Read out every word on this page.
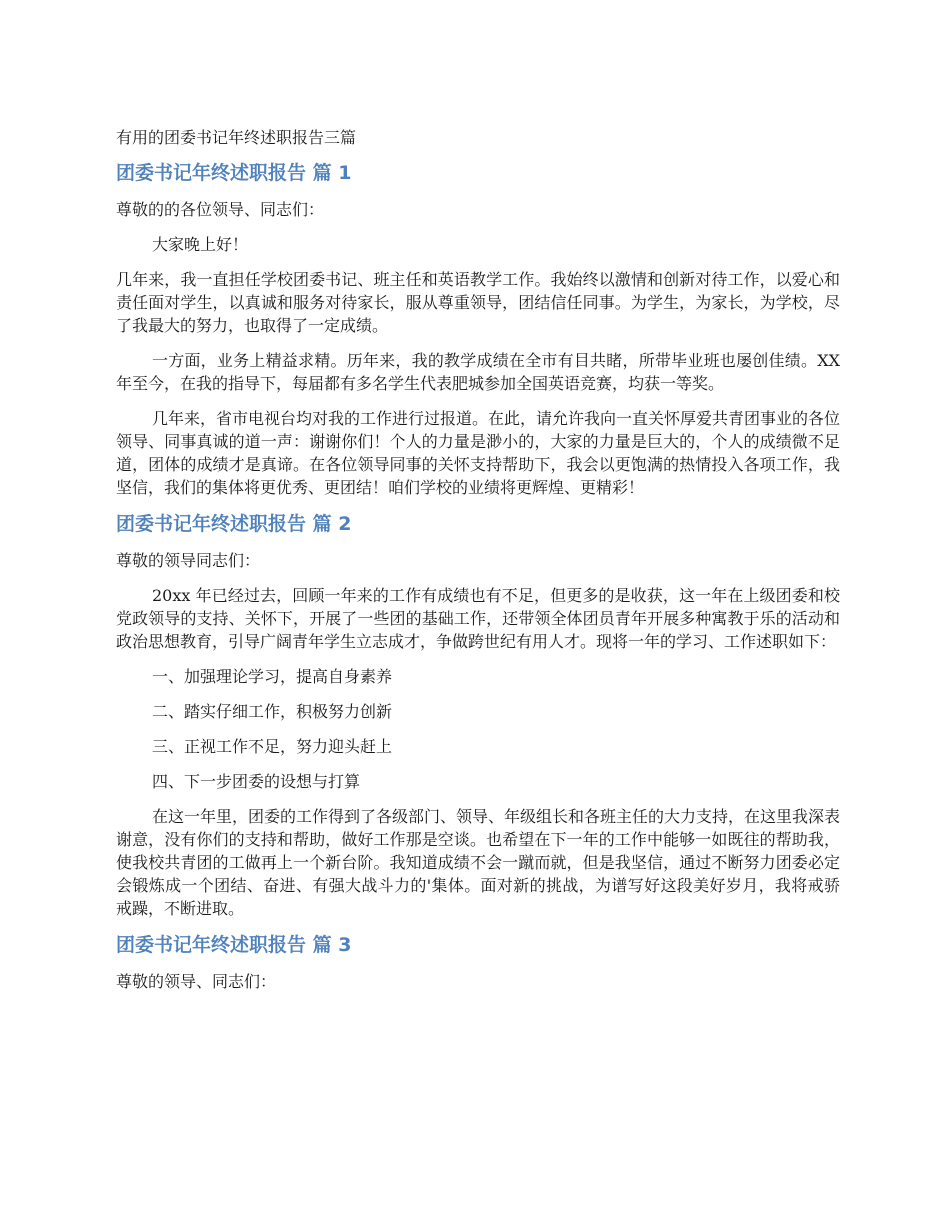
有用的团委书记年终述职报告三篇
团委书记年终述职报告 篇 1

尊敬的的各位领导、同志们：

大家晚上好！

几年来，我一直担任学校团委书记、班主任和英语教学工作。我始终以激情和创新对待工作，以爱心和责任面对学生，以真诚和服务对待家长，服从尊重领导，团结信任同事。为学生，为家长，为学校，尽了我最大的努力，也取得了一定成绩。

一方面，业务上精益求精。历年来，我的教学成绩在全市有目共睹，所带毕业班也屡创佳绩。XX 年至今，在我的指导下，每届都有多名学生代表肥城参加全国英语竞赛，均获一等奖。

几年来，省市电视台均对我的工作进行过报道。在此，请允许我向一直关怀厚爱共青团事业的各位领导、同事真诚的道一声：谢谢你们！个人的力量是渺小的，大家的力量是巨大的，个人的成绩微不足道，团体的成绩才是真谛。在各位领导同事的关怀支持帮助下，我会以更饱满的热情投入各项工作，我坚信，我们的集体将更优秀、更团结！咱们学校的业绩将更辉煌、更精彩！

团委书记年终述职报告 篇 2

尊敬的领导同志们：

20xx 年已经过去，回顾一年来的工作有成绩也有不足，但更多的是收获，这一年在上级团委和校党政领导的支持、关怀下，开展了一些团的基础工作，还带领全体团员青年开展多种寓教于乐的活动和政治思想教育，引导广阔青年学生立志成才，争做跨世纪有用人才。现将一年的学习、工作述职如下：

一、加强理论学习，提高自身素养

二、踏实仔细工作，积极努力创新

三、正视工作不足，努力迎头赶上

四、下一步团委的设想与打算

在这一年里，团委的工作得到了各级部门、领导、年级组长和各班主任的大力支持，在这里我深表谢意，没有你们的支持和帮助，做好工作那是空谈。也希望在下一年的工作中能够一如既往的帮助我，使我校共青团的工做再上一个新台阶。我知道成绩不会一蹴而就，但是我坚信，通过不断努力团委必定会锻炼成一个团结、奋进、有强大战斗力的'集体。面对新的挑战，为谱写好这段美好岁月，我将戒骄戒躁，不断进取。

团委书记年终述职报告 篇 3

尊敬的领导、同志们：
